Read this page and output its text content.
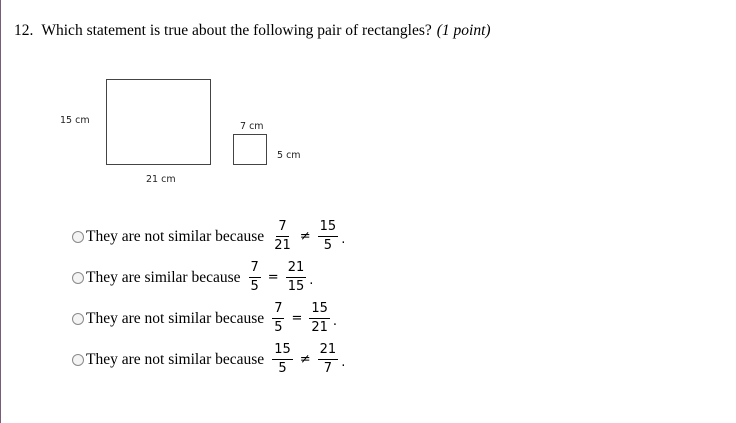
12. Which statement is true about the following pair of rectangles? (1 point)
15 cm
21 cm
7 cm
5 cm
They are not similar because $\frac{7}{21} \ne \frac{15}{5}$ .
They are similar because $\frac{7}{5} = \frac{21}{15}$ .
They are not similar because $\frac{7}{5} = \frac{15}{21}$ .
They are not similar because $\frac{15}{5} \ne \frac{21}{7}$ .
